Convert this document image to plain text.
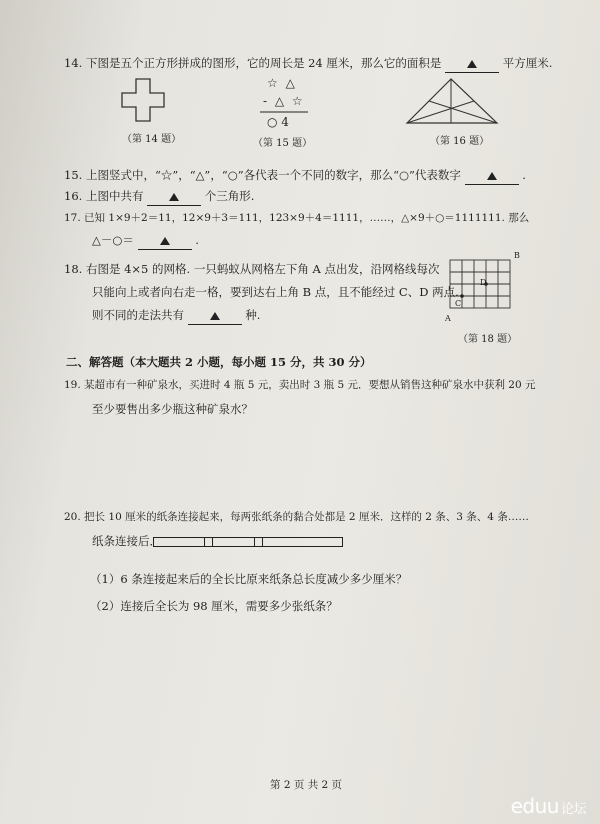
14. 下图是五个正方形拼成的图形，它的周长是 24 厘米，那么它的面积是	平方厘米.
（第 14 题）
☆ △
- △ ☆
○ 4
（第 15 题）	（第 16 题）
15. 上图竖式中，“☆”，“△”，“○”各代表一个不同的数字，那么“○”代表数字	.
16. 上图中共有	个三角形.
17. 已知 1×9＋2＝11，12×9＋3＝111，123×9＋4＝1111，……，△×9＋○＝1111111. 那么
△－○＝	.
18. 右图是 4×5 的网格. 一只蚂蚁从网格左下角 A 点出发，沿网格线每次
只能向上或者向右走一格，要到达右上角 B 点，且不能经过 C、D 两点.
则不同的走法共有	种.
B
A
C
D
（第 18 题）
二、解答题（本大题共 2 小题，每小题 15 分，共 30 分）
19. 某超市有一种矿泉水，买进时 4 瓶 5 元，卖出时 3 瓶 5 元．要想从销售这种矿泉水中获利 20 元
至少要售出多少瓶这种矿泉水？
20. 把长 10 厘米的纸条连接起来，每两张纸条的黏合处都是 2 厘米．这样的 2 条、3 条、4 条……
纸条连接后．
（1）6 条连接起来后的全长比原来纸条总长度减少多少厘米？
（2）连接后全长为 98 厘米，需要多少张纸条？
第 2 页 共 2 页
eduu 论坛
